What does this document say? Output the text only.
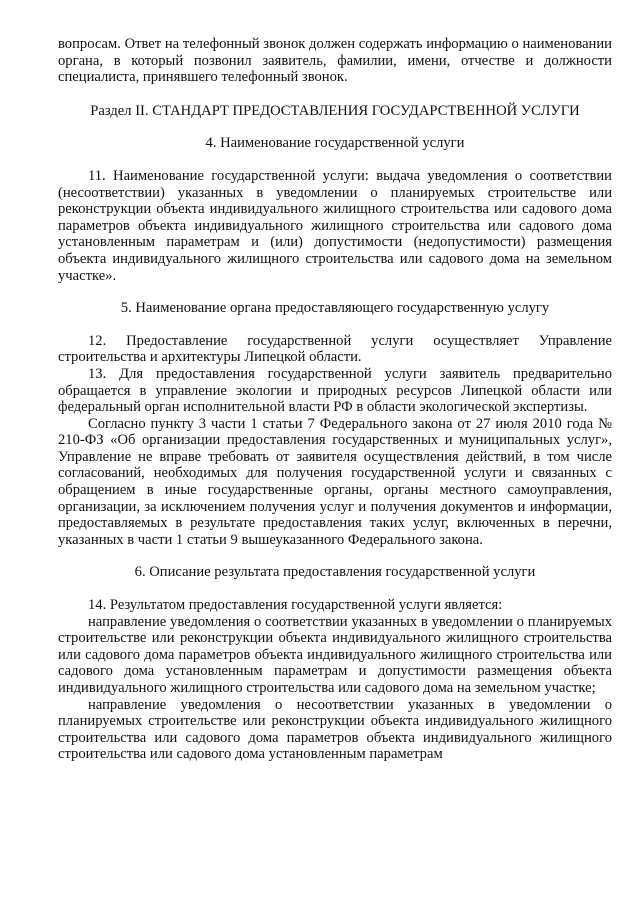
вопросам. Ответ на телефонный звонок должен содержать информацию о наименовании органа, в который позвонил заявитель, фамилии, имени, отчестве и должности специалиста, принявшего телефонный звонок.

Раздел II. СТАНДАРТ ПРЕДОСТАВЛЕНИЯ ГОСУДАРСТВЕННОЙ УСЛУГИ

4. Наименование государственной услуги

11. Наименование государственной услуги: выдача уведомления о соответствии (несоответствии) указанных в уведомлении о планируемых строительстве или реконструкции объекта индивидуального жилищного строительства или садового дома параметров объекта индивидуального жилищного строительства или садового дома установленным параметрам и (или) допустимости (недопустимости) размещения объекта индивидуального жилищного строительства или садового дома на земельном участке».

5. Наименование органа предоставляющего государственную услугу

12. Предоставление государственной услуги осуществляет Управление строительства и архитектуры Липецкой области.

13. Для предоставления государственной услуги заявитель предварительно обращается в управление экологии и природных ресурсов Липецкой области или федеральный орган исполнительной власти РФ в области экологической экспертизы.

Согласно пункту 3 части 1 статьи 7 Федерального закона от 27 июля 2010 года № 210-ФЗ «Об организации предоставления государственных и муниципальных услуг», Управление не вправе требовать от заявителя осуществления действий, в том числе согласований, необходимых для получения государственной услуги и связанных с обращением в иные государственные органы, органы местного самоуправления, организации, за исключением получения услуг и получения документов и информации, предоставляемых в результате предоставления таких услуг, включенных в перечни, указанных в части 1 статьи 9 вышеуказанного Федерального закона.

6. Описание результата предоставления государственной услуги

14. Результатом предоставления государственной услуги является:

направление уведомления о соответствии указанных в уведомлении о планируемых строительстве или реконструкции объекта индивидуального жилищного строительства или садового дома параметров объекта индивидуального жилищного строительства или садового дома установленным параметрам и допустимости размещения объекта индивидуального жилищного строительства или садового дома на земельном участке;

направление уведомления о несоответствии указанных в уведомлении о планируемых строительстве или реконструкции объекта индивидуального жилищного строительства или садового дома параметров объекта индивидуального жилищного строительства или садового дома установленным параметрам
